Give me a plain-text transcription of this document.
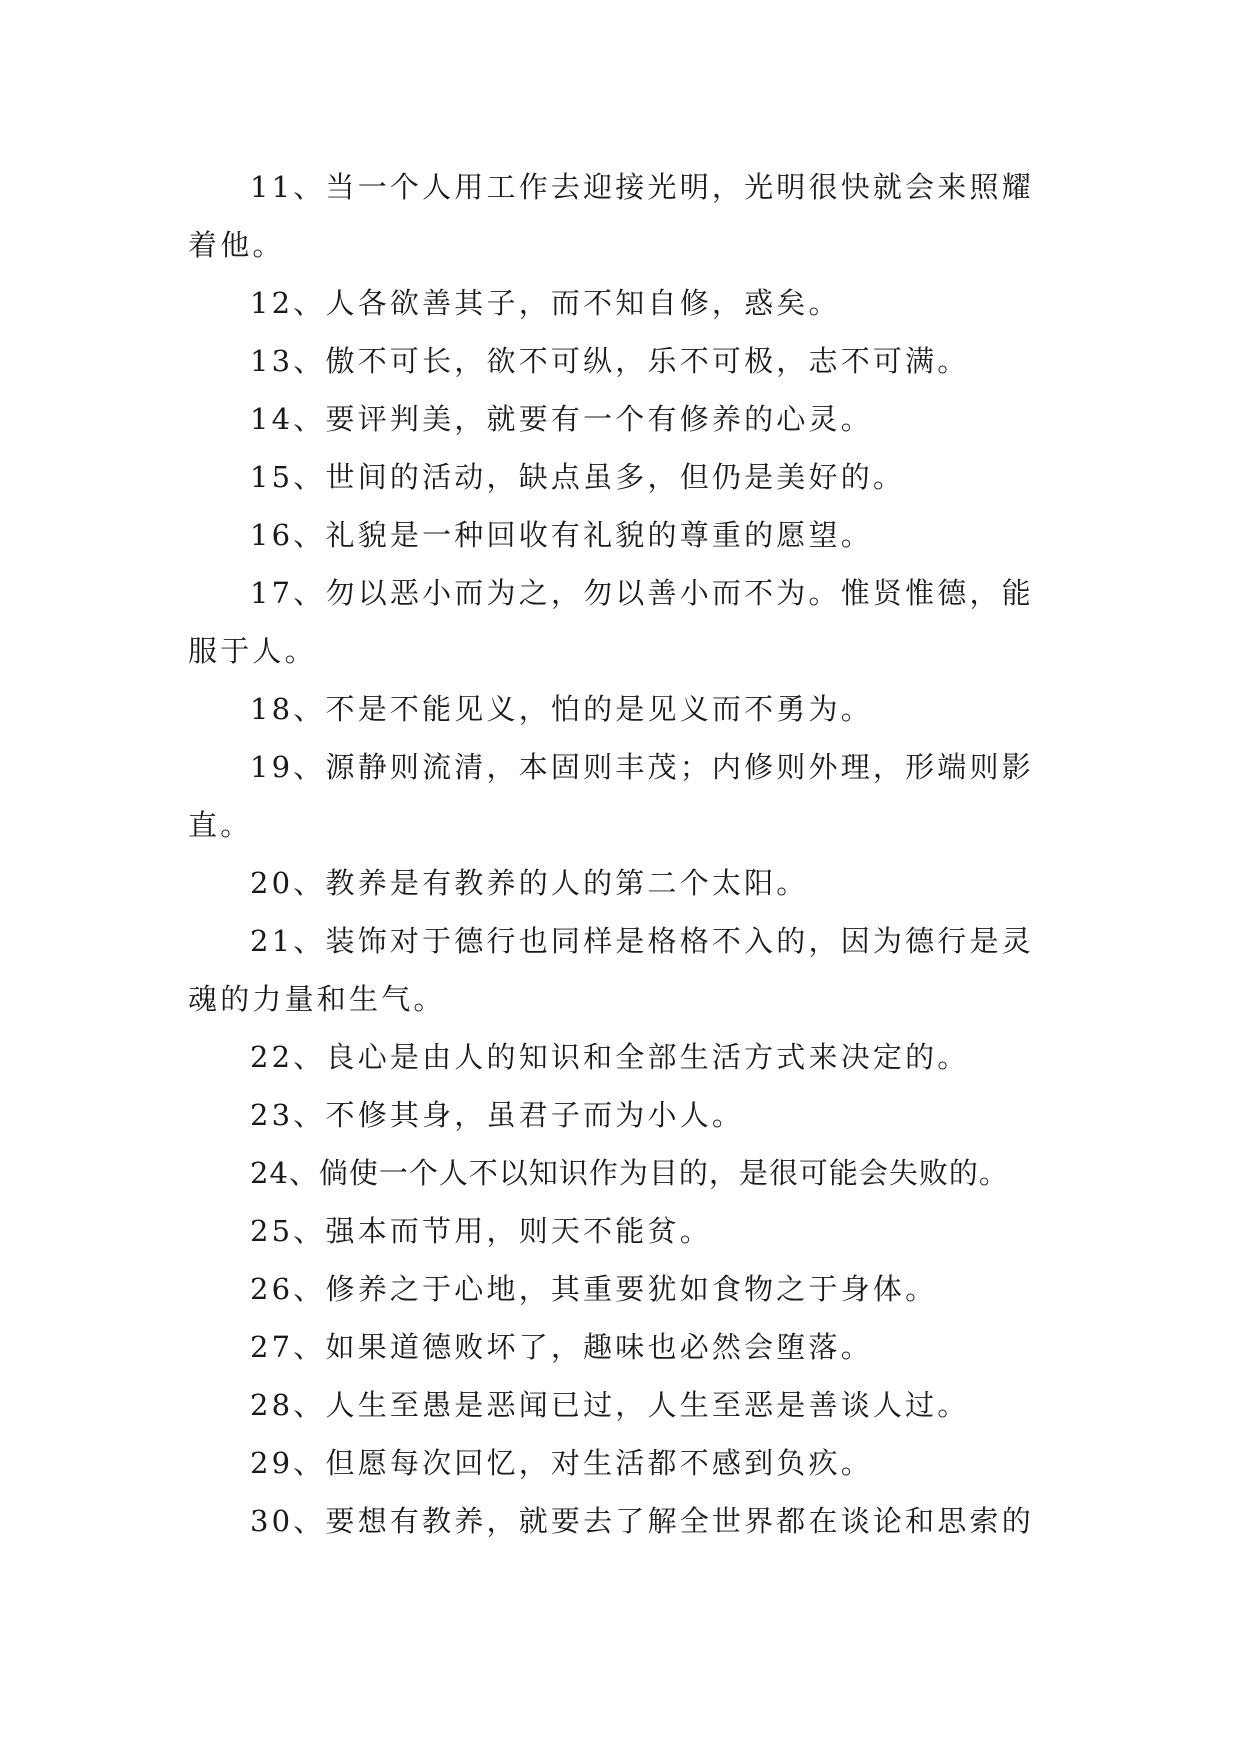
11、当一个人用工作去迎接光明，光明很快就会来照耀着他。

12、人各欲善其子，而不知自修，惑矣。

13、傲不可长，欲不可纵，乐不可极，志不可满。

14、要评判美，就要有一个有修养的心灵。

15、世间的活动，缺点虽多，但仍是美好的。

16、礼貌是一种回收有礼貌的尊重的愿望。

17、勿以恶小而为之，勿以善小而不为。惟贤惟德，能服于人。

18、不是不能见义，怕的是见义而不勇为。

19、源静则流清，本固则丰茂；内修则外理，形端则影直。

20、教养是有教养的人的第二个太阳。

21、装饰对于德行也同样是格格不入的，因为德行是灵魂的力量和生气。

22、良心是由人的知识和全部生活方式来决定的。

23、不修其身，虽君子而为小人。

24、倘使一个人不以知识作为目的，是很可能会失败的。

25、强本而节用，则天不能贫。

26、修养之于心地，其重要犹如食物之于身体。

27、如果道德败坏了，趣味也必然会堕落。

28、人生至愚是恶闻已过，人生至恶是善谈人过。

29、但愿每次回忆，对生活都不感到负疚。

30、要想有教养，就要去了解全世界都在谈论和思索的
